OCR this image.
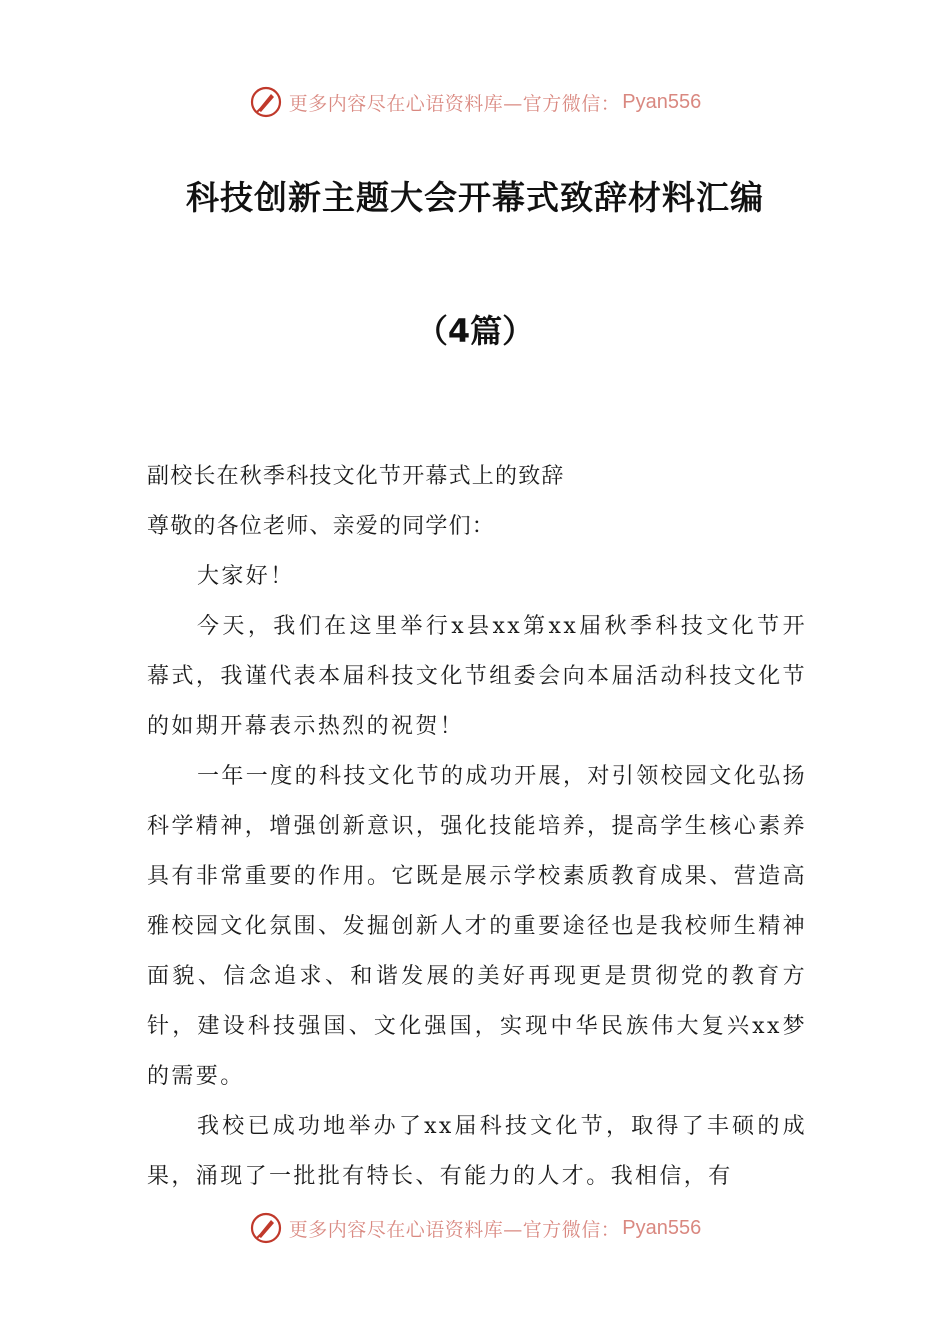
更多内容尽在心语资料库—官方微信： Pyan556
科技创新主题大会开幕式致辞材料汇编
（4篇）

副校长在秋季科技文化节开幕式上的致辞

尊敬的各位老师、亲爱的同学们：

大家好！

今天，我们在这里举行x县xx第xx届秋季科技文化节开幕式，我谨代表本届科技文化节组委会向本届活动科技文化节的如期开幕表示热烈的祝贺！

一年一度的科技文化节的成功开展，对引领校园文化弘扬科学精神，增强创新意识，强化技能培养，提高学生核心素养具有非常重要的作用。它既是展示学校素质教育成果、营造高雅校园文化氛围、发掘创新人才的重要途径也是我校师生精神面貌、信念追求、和谐发展的美好再现更是贯彻党的教育方针，建设科技强国、文化强国，实现中华民族伟大复兴xx梦的需要。

我校已成功地举办了xx届科技文化节，取得了丰硕的成果，涌现了一批批有特长、有能力的人才。我相信，有

更多内容尽在心语资料库—官方微信： Pyan556
